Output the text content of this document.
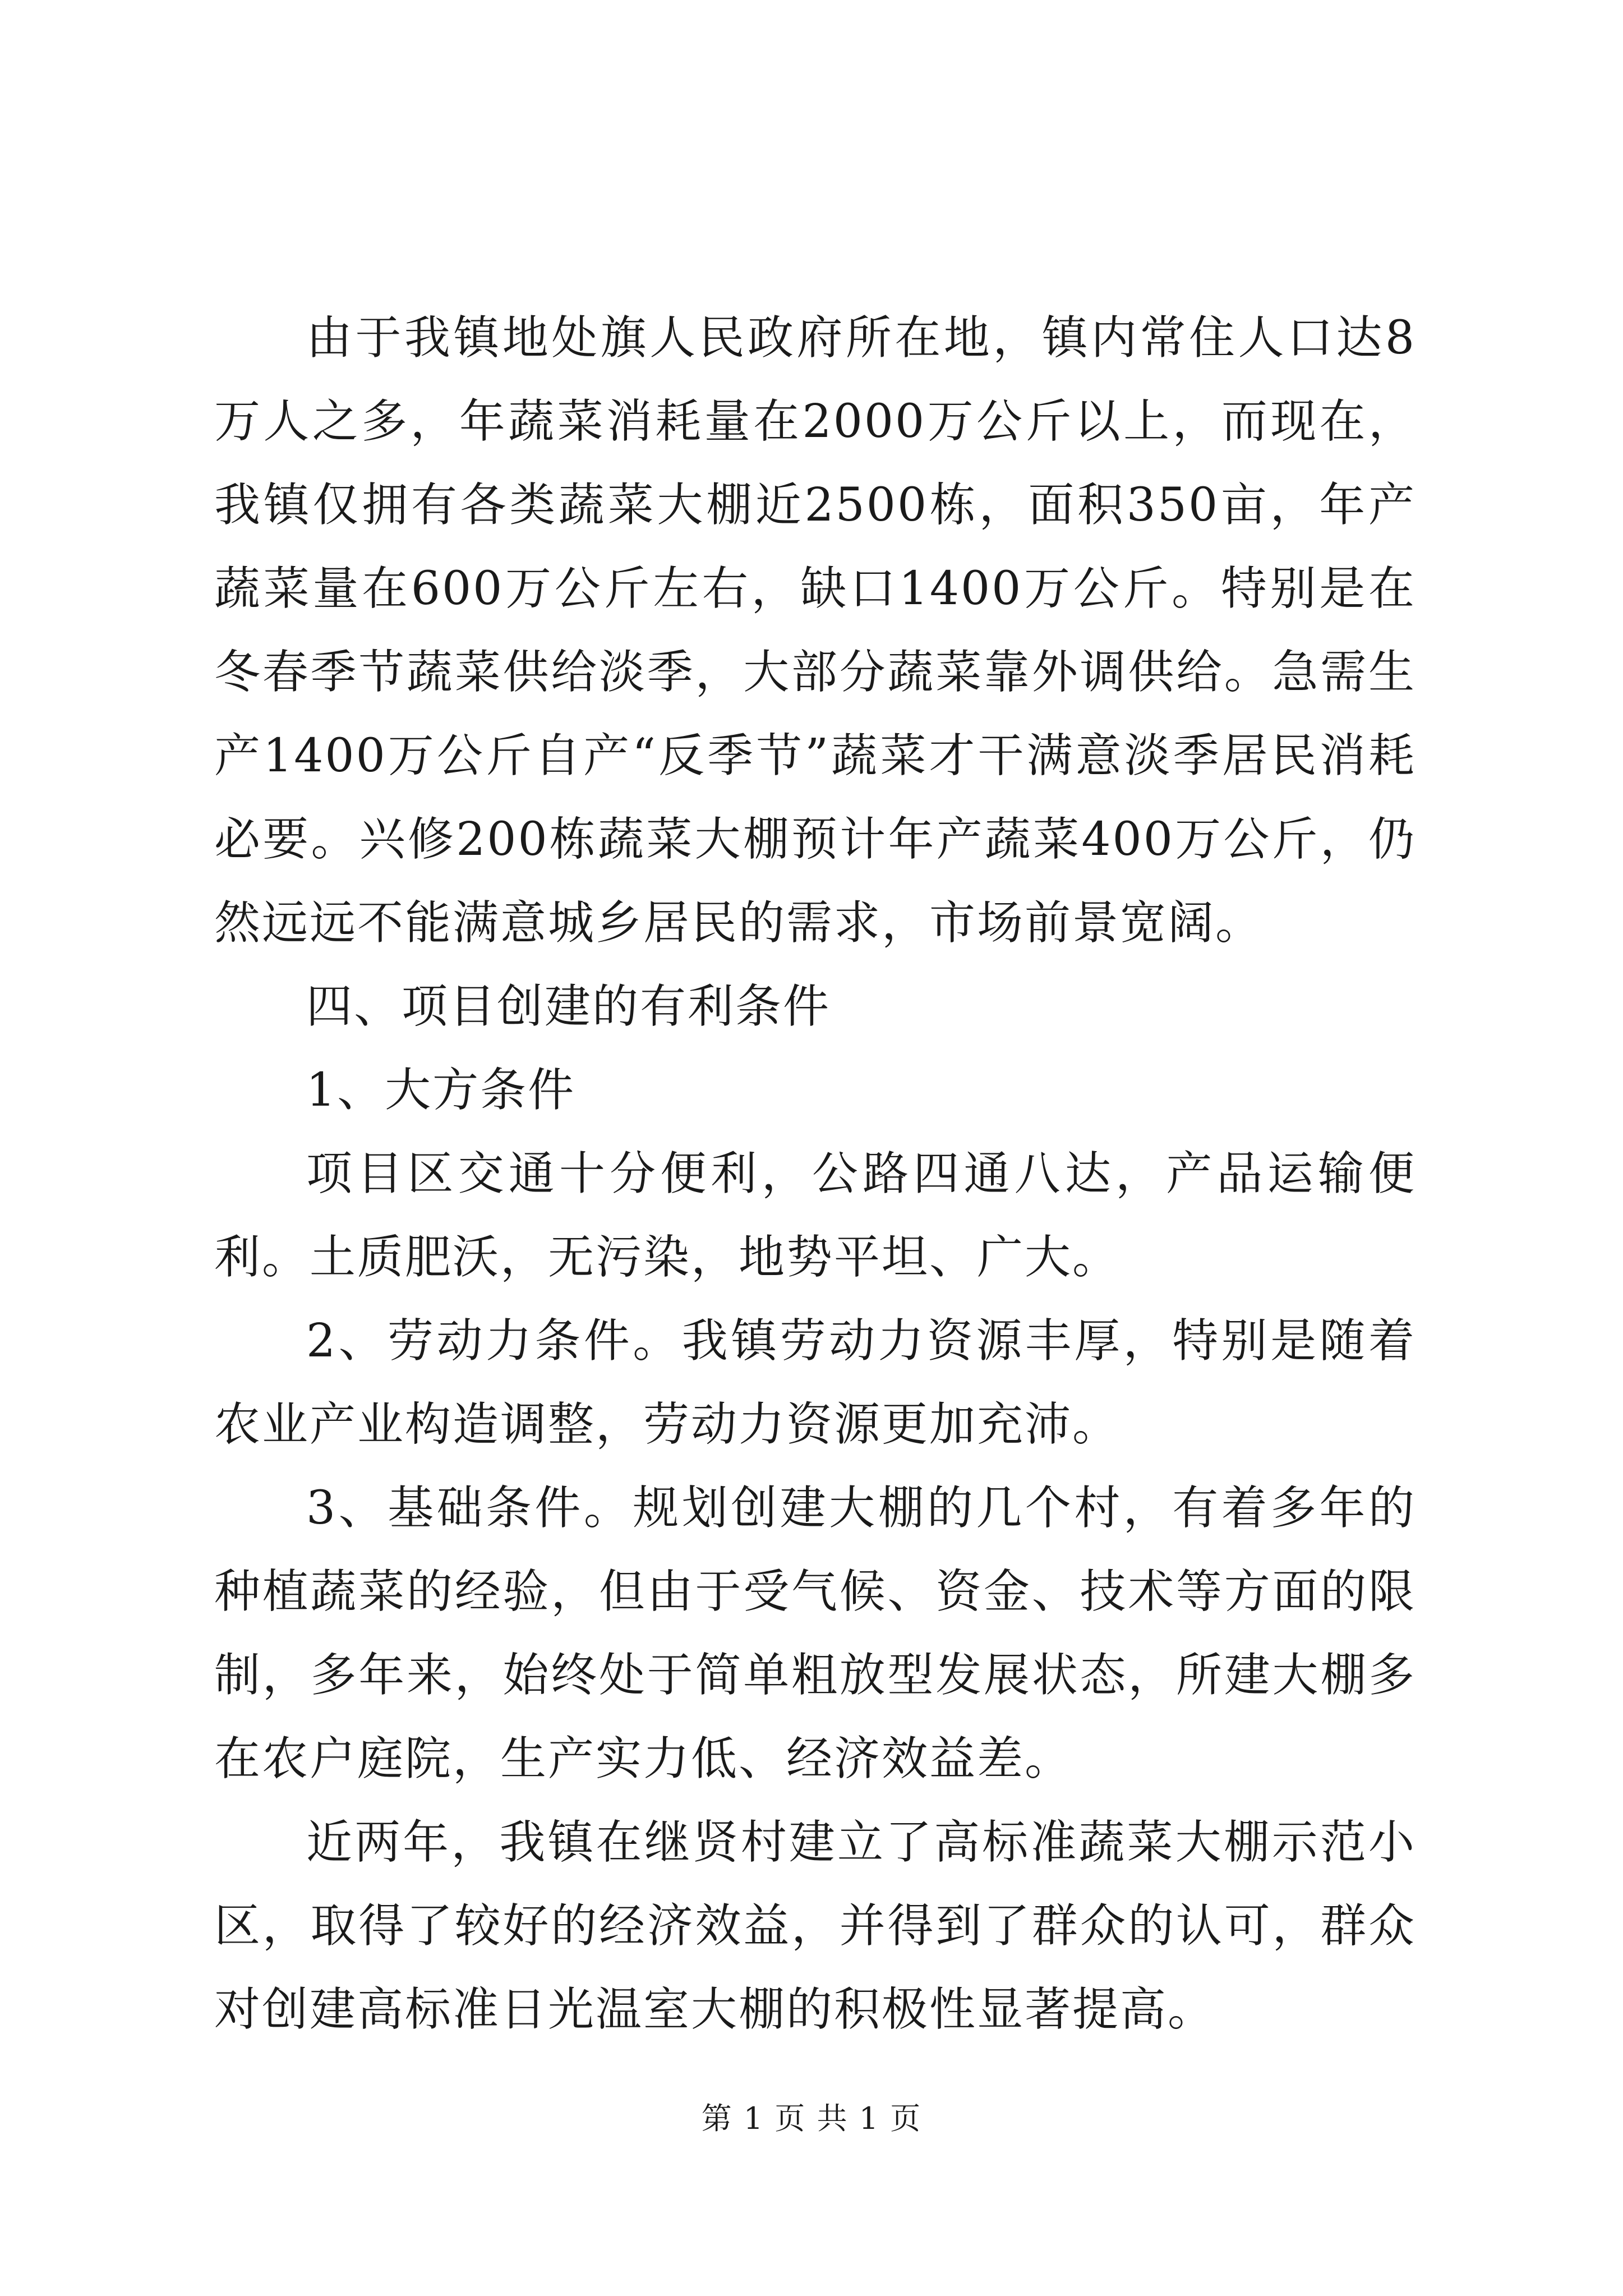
由于我镇地处旗人民政府所在地，镇内常住人口达8万人之多，年蔬菜消耗量在2000万公斤以上，而现在，我镇仅拥有各类蔬菜大棚近2500栋，面积350亩，年产蔬菜量在600万公斤左右，缺口1400万公斤。特别是在冬春季节蔬菜供给淡季，大部分蔬菜靠外调供给。急需生产1400万公斤自产“反季节”蔬菜才干满意淡季居民消耗必要。兴修200栋蔬菜大棚预计年产蔬菜400万公斤，仍然远远不能满意城乡居民的需求，市场前景宽阔。

四、项目创建的有利条件

1、大方条件

项目区交通十分便利，公路四通八达，产品运输便利。土质肥沃，无污染，地势平坦、广大。

2、劳动力条件。我镇劳动力资源丰厚，特别是随着农业产业构造调整，劳动力资源更加充沛。

3、基础条件。规划创建大棚的几个村，有着多年的种植蔬菜的经验，但由于受气候、资金、技术等方面的限制，多年来，始终处于简单粗放型发展状态，所建大棚多在农户庭院，生产实力低、经济效益差。

近两年，我镇在继贤村建立了高标准蔬菜大棚示范小区，取得了较好的经济效益，并得到了群众的认可，群众对创建高标准日光温室大棚的积极性显著提高。

第 1 页 共 1 页
